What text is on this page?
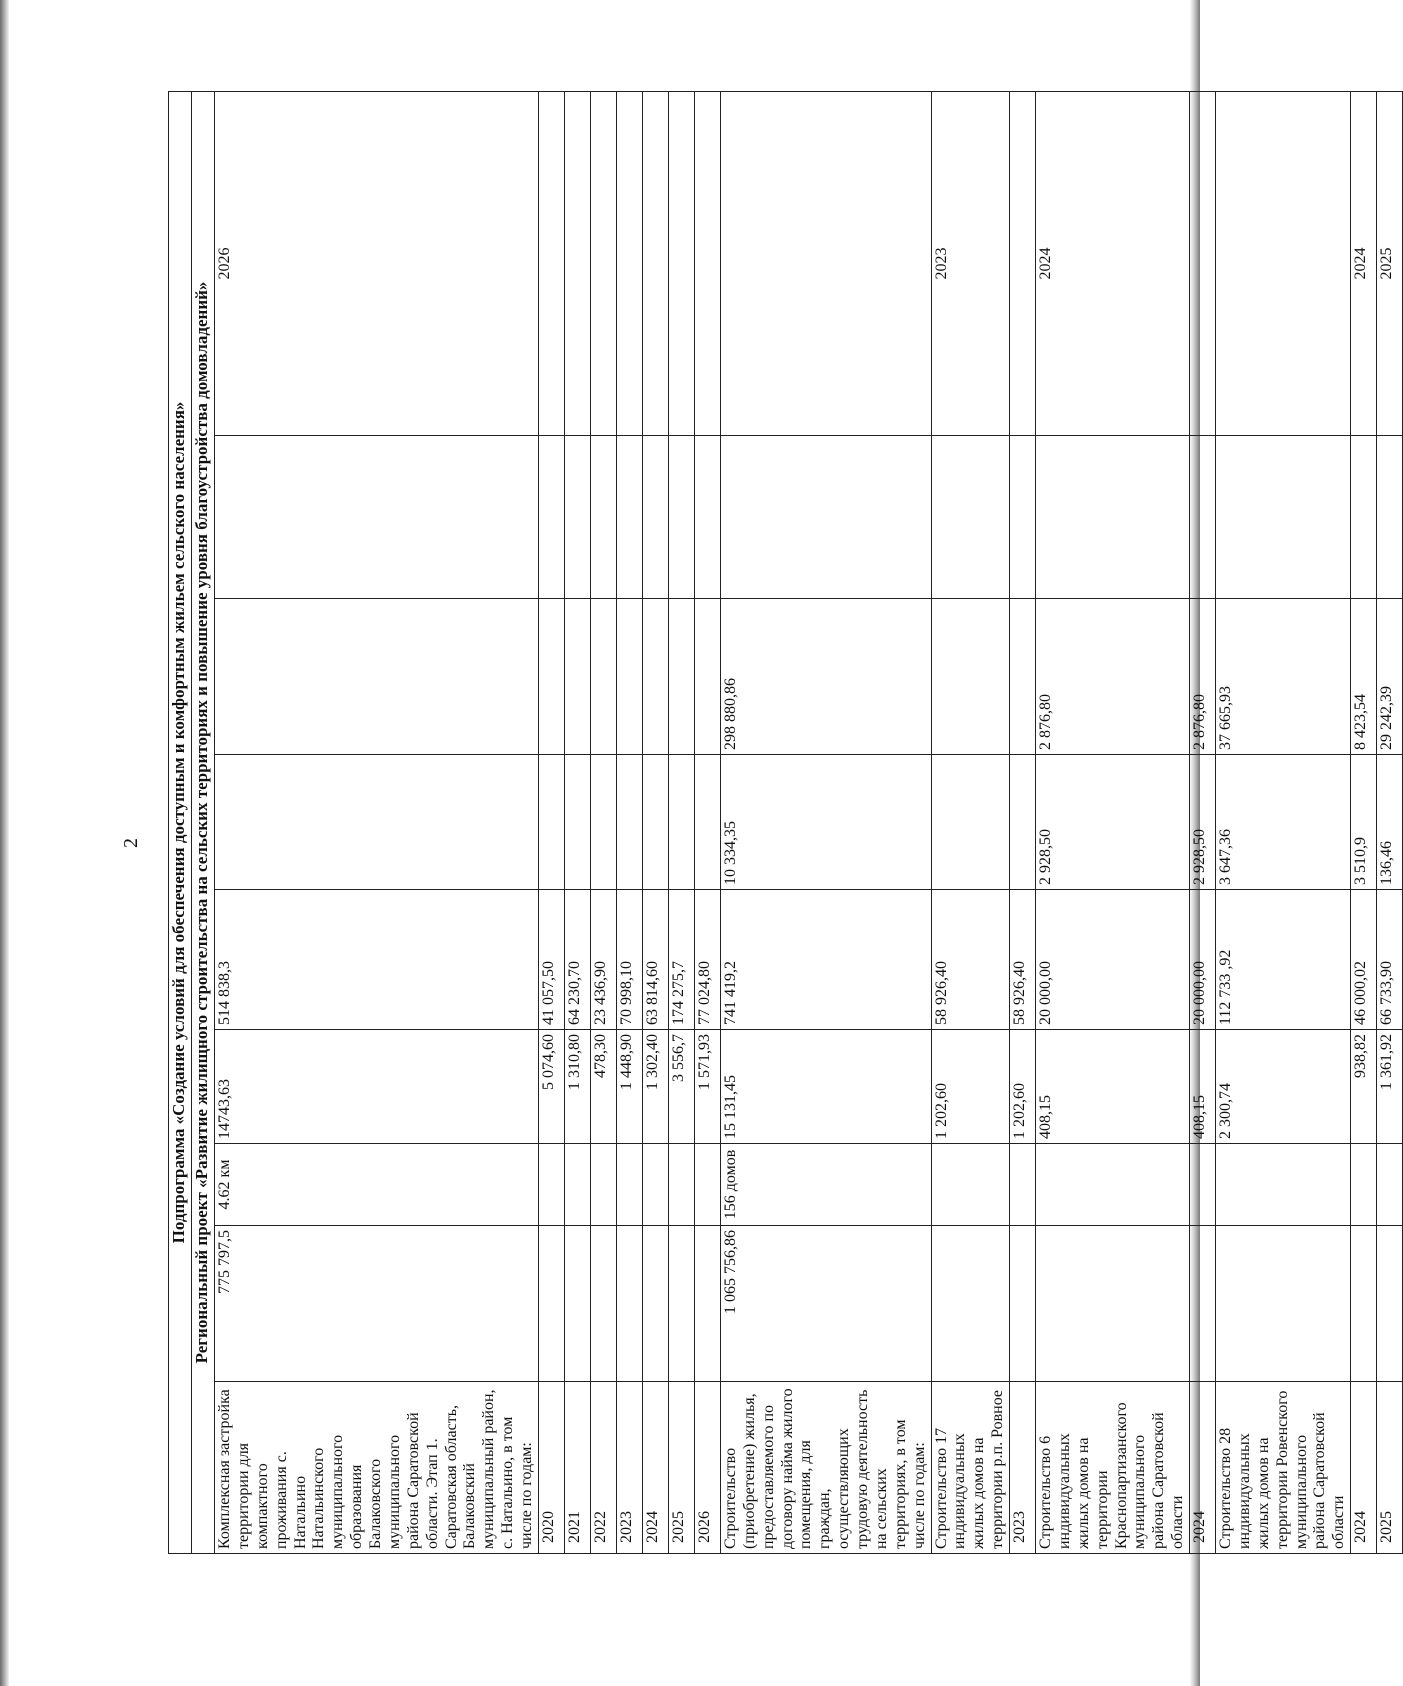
2 Подпрограмма «Создание условий для обеспечения доступным и комфортным жильем сельского населения»								
Региональный проект «Развитие жилищного строительства на сельских территориях и повышение уровня благоустройства домовладений»								
Комплексная застройка территории для компактного проживания с. Натальино Натальинского муниципального образования Балаковского муниципального района Саратовской области. Этап 1. Саратовская область, Балаковский муниципальный район, с. Натальино, в том числе по годам:	775 797,5	4.62 км	14743,63	514 838,3				2026
2020			5 074,60	41 057,50				
2021			1 310,80	64 230,70				
2022			478,30	23 436,90				
2023			1 448,90	70 998,10				
2024			1 302,40	63 814,60				
2025			3 556,7	174 275,7				
2026			1 571,93	77 024,80				
Строительство (приобретение) жилья, предоставляемого по договору найма жилого помещения, для граждан, осуществляющих трудовую деятельность на сельских территориях, в том числе по годам:	1 065 756,86	156 домов	15 131,45	741 419,2	10 334,35	298 880,86		
Строительство 17 индивидуальных жилых домов на территории р.п. Ровное			1 202,60	58 926,40				2023
2023			1 202,60	58 926,40				
Строительство 6 индивидуальных жилых домов на территории Краснопартизанского муниципального района Саратовской области			408,15	20 000,00	2 928,50	2 876,80		2024
2024			408,15	20 000,00	2 928,50	2 876,80		
Строительство 28 индивидуальных жилых домов на территории Ровенского муниципального района Саратовской области			2 300,74	112 733 ,92	3 647,36	37 665,93		
2024			938,82	46 000,02	3 510,9	8 423,54		2024
2025			1 361,92	66 733,90	136,46	29 242,39		2025
